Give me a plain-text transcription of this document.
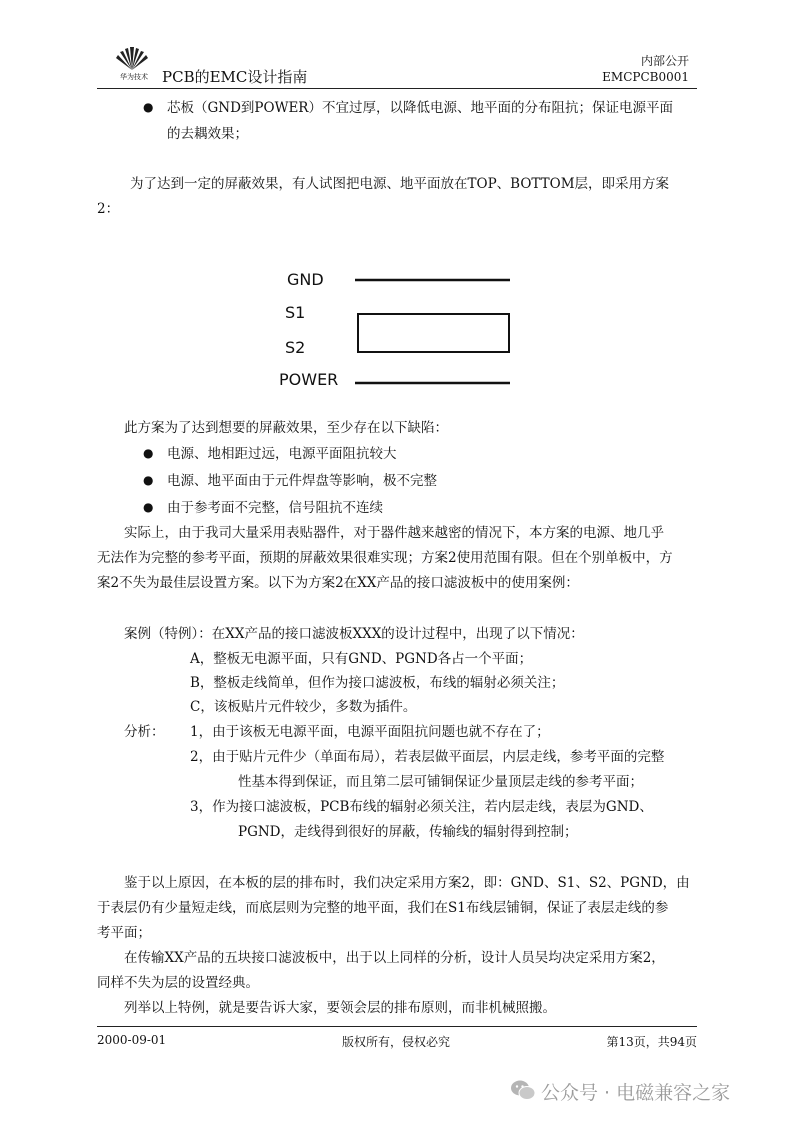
华为技术 PCB的EMC设计指南
内部公开
EMCPCB0001
● 芯板（GND到POWER）不宜过厚，以降低电源、地平面的分布阻抗；保证电源平面
的去耦效果；
为了达到一定的屏蔽效果，有人试图把电源、地平面放在TOP、BOTTOM层，即采用方案
2：
GND
S1
S2
POWER
此方案为了达到想要的屏蔽效果，至少存在以下缺陷：
● 电源、地相距过远，电源平面阻抗较大
● 电源、地平面由于元件焊盘等影响，极不完整
● 由于参考面不完整，信号阻抗不连续
实际上，由于我司大量采用表贴器件，对于器件越来越密的情况下，本方案的电源、地几乎
无法作为完整的参考平面，预期的屏蔽效果很难实现；方案2使用范围有限。但在个别单板中，方
案2不失为最佳层设置方案。以下为方案2在XX产品的接口滤波板中的使用案例：
案例（特例）：在XX产品的接口滤波板XXX的设计过程中，出现了以下情况：
A，整板无电源平面，只有GND、PGND各占一个平面；
B，整板走线简单，但作为接口滤波板，布线的辐射必须关注；
C，该板贴片元件较少，多数为插件。
分析： 1，由于该板无电源平面，电源平面阻抗问题也就不存在了；
2，由于贴片元件少（单面布局），若表层做平面层，内层走线，参考平面的完整
性基本得到保证，而且第二层可铺铜保证少量顶层走线的参考平面；
3，作为接口滤波板，PCB布线的辐射必须关注，若内层走线，表层为GND、
PGND，走线得到很好的屏蔽，传输线的辐射得到控制；
鉴于以上原因，在本板的层的排布时，我们决定采用方案2，即：GND、S1、S2、PGND，由
于表层仍有少量短走线，而底层则为完整的地平面，我们在S1布线层铺铜，保证了表层走线的参
考平面；
在传输XX产品的五块接口滤波板中，出于以上同样的分析，设计人员吴均决定采用方案2，
同样不失为层的设置经典。
列举以上特例，就是要告诉大家，要领会层的排布原则，而非机械照搬。
2000-09-01	版权所有，侵权必究	第13页，共94页
公众号 · 电磁兼容之家
